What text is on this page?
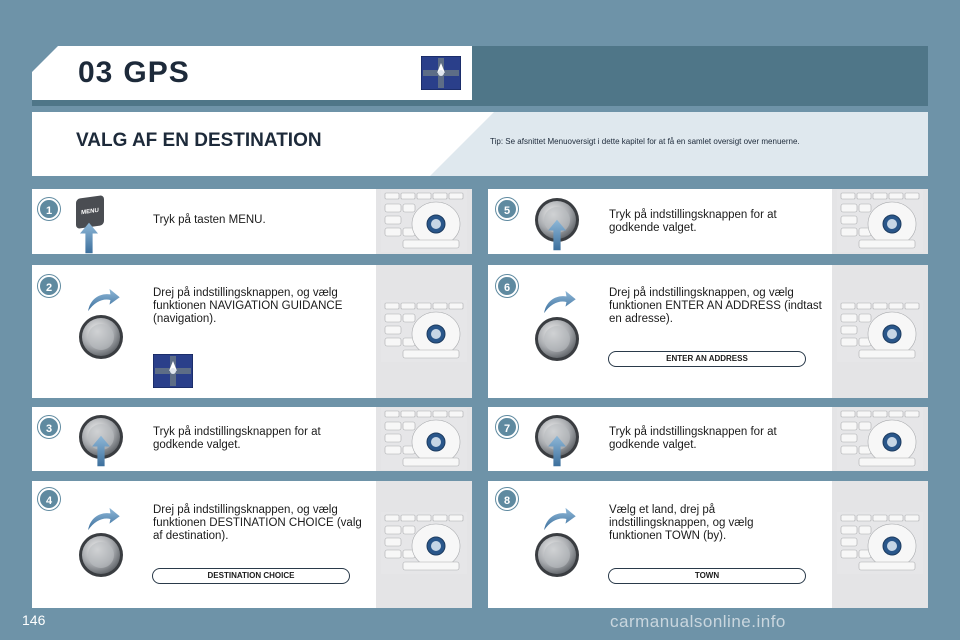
03 GPS
VALG AF EN DESTINATION	Tip: Se afsnittet Menuoversigt i dette kapitel for at få en samlet oversigt over menuerne.
1	MENU
Tryk på tasten MENU.
2	Drej på indstillingsknappen, og vælg funktionen NAVIGATION GUIDANCE (navigation).
3	Tryk på indstillingsknappen for at godkende valget.
4
Drej på indstillingsknappen, og vælg funktionen DESTINATION CHOICE (valg af destination).
DESTINATION CHOICE
5	Tryk på indstillingsknappen for at godkende valget.
6	Drej på indstillingsknappen, og vælg funktionen ENTER AN ADDRESS (indtast en adresse).
ENTER AN ADDRESS
7	Tryk på indstillingsknappen for at godkende valget.
8
Vælg et land, drej på indstillingsknappen, og vælg funktionen TOWN (by).
TOWN
146	carmanualsonline.info
